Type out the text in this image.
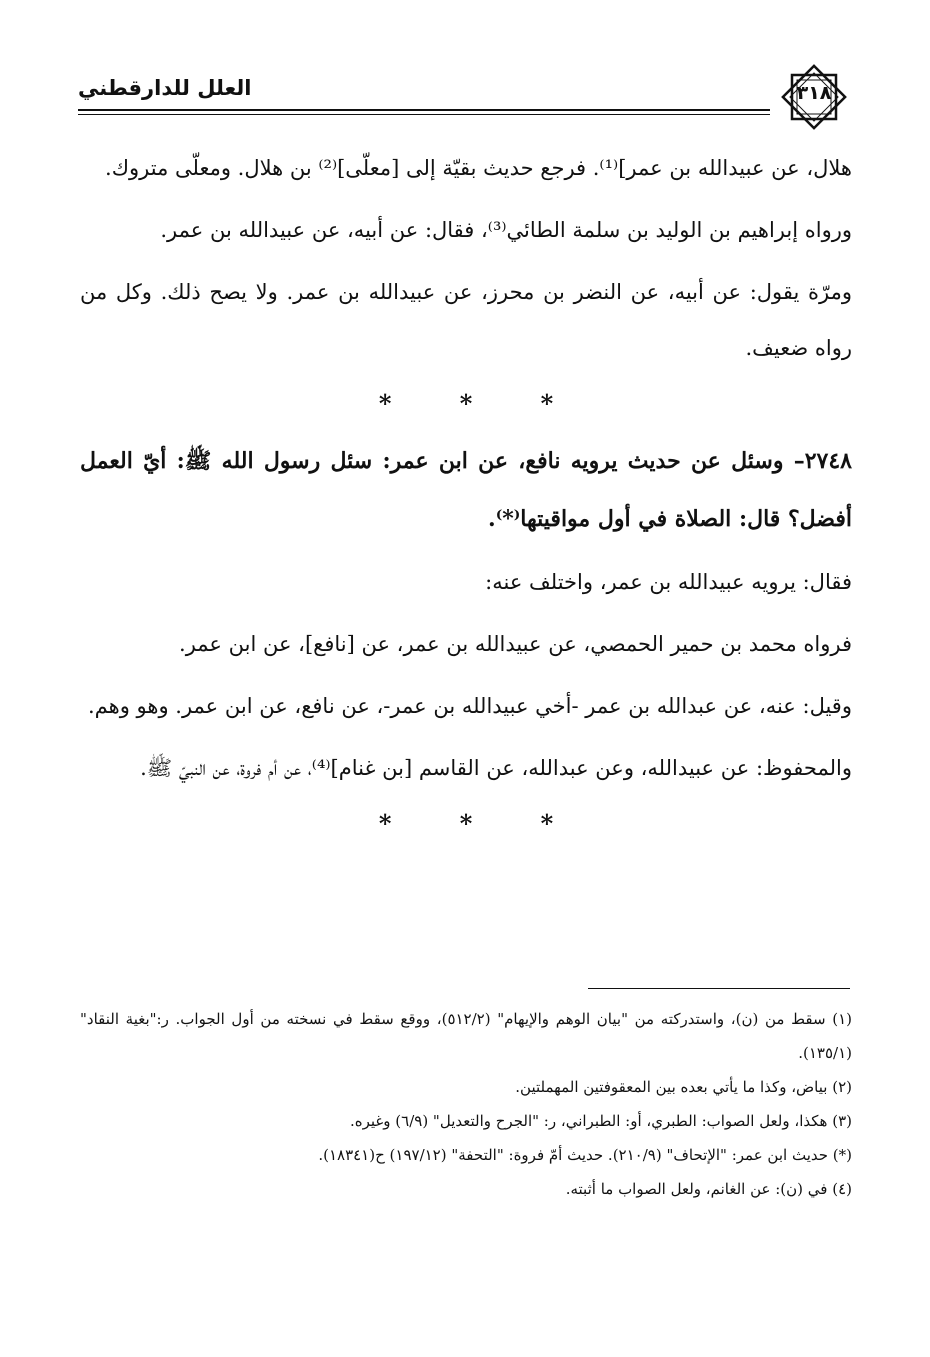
العلل للدارقطني	٣١٨

هلال، عن عبيدالله بن عمر]⁽¹⁾. فرجع حديث بقيّة إلى [معلّى]⁽²⁾ بن هلال. ومعلّى متروك.

ورواه إبراهيم بن الوليد بن سلمة الطائي⁽³⁾، فقال: عن أبيه، عن عبيدالله بن عمر.

ومرّة يقول: عن أبيه، عن النضر بن محرز، عن عبيدالله بن عمر. ولا يصح ذلك. وكل من رواه ضعيف.

* * *

٢٧٤٨– وسئل عن حديث يرويه نافع، عن ابن عمر: سئل رسول الله ﷺ: أيّ العمل أفضل؟ قال: الصلاة في أول مواقيتها⁽*⁾.

فقال: يرويه عبيدالله بن عمر، واختلف عنه:

فرواه محمد بن حمير الحمصي، عن عبيدالله بن عمر، عن [نافع]، عن ابن عمر.

وقيل: عنه، عن عبدالله بن عمر -أخي عبيدالله بن عمر-، عن نافع، عن ابن عمر. وهو وهم.

والمحفوظ: عن عبيدالله، وعن عبدالله، عن القاسم [بن غنام]⁽⁴⁾، عن أم فروة، عن النبيّ ﷺ.

* * *

(١) سقط من (ن)، واستدركته من "بيان الوهم والإيهام" (٥١٢/٢)، ووقع سقط في نسخته من أول الجواب. ر:"بغية النقاد" (١٣٥/١).

(٢) بياض، وكذا ما يأتي بعده بين المعقوفتين المهملتين.

(٣) هكذا، ولعل الصواب: الطبري، أو: الطبراني، ر: "الجرح والتعديل" (٦/٩) وغيره.

(*) حديث ابن عمر: "الإتحاف" (٢١٠/٩). حديث أمّ فروة: "التحفة" (١٩٧/١٢) ح(١٨٣٤١).

(٤) في (ن): عن الغانم، ولعل الصواب ما أثبته.
